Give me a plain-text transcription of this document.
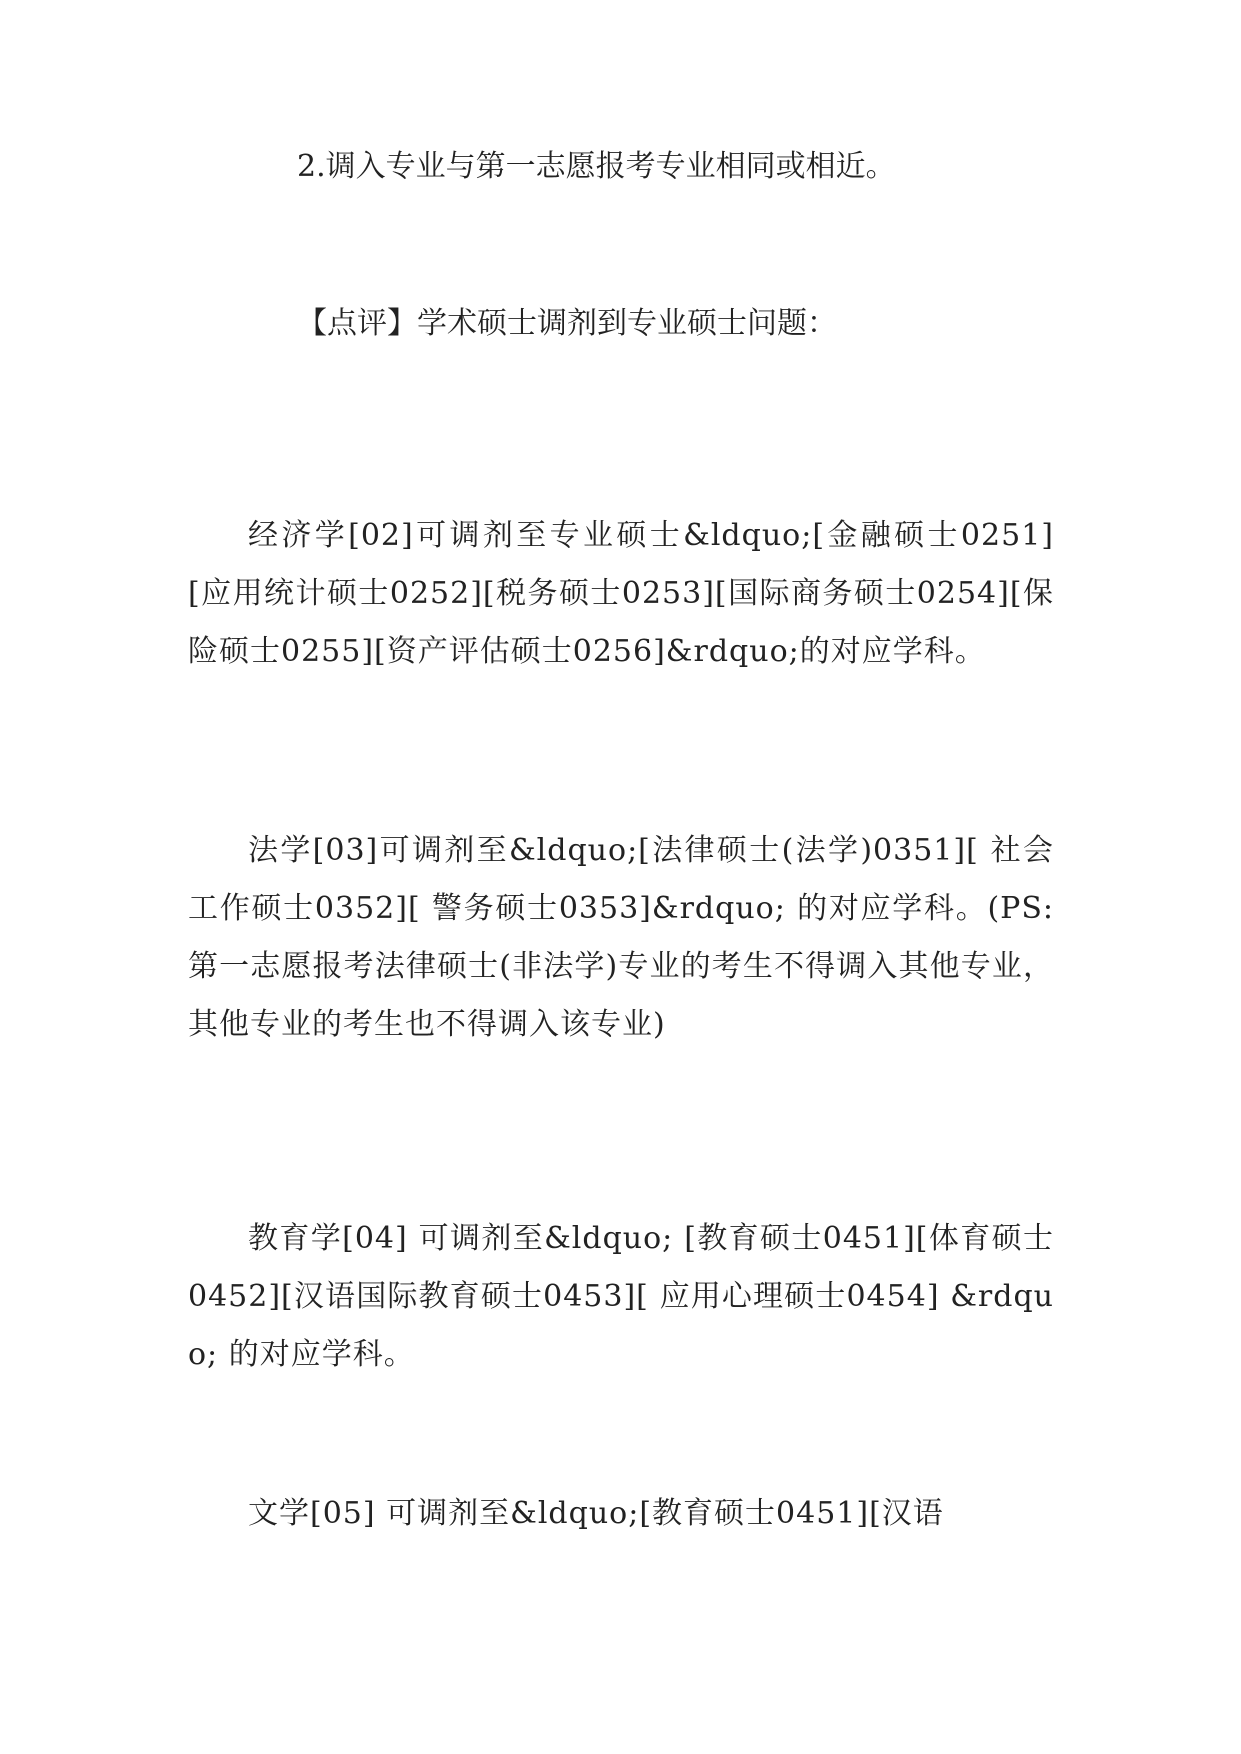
2.调入专业与第一志愿报考专业相同或相近。
【点评】学术硕士调剂到专业硕士问题：
经济学[02]可调剂至专业硕士&ldquo;[金融硕士0251][应用统计硕士0252][税务硕士0253][国际商务硕士0254][保险硕士0255][资产评估硕士0256]&rdquo;的对应学科。
法学[03]可调剂至&ldquo;[法律硕士(法学)0351][ 社会工作硕士0352][ 警务硕士0353]&rdquo; 的对应学科。(PS: 第一志愿报考法律硕士(非法学)专业的考生不得调入其他专业，其他专业的考生也不得调入该专业)
教育学[04] 可调剂至&ldquo; [教育硕士0451][体育硕士0452][汉语国际教育硕士0453][ 应用心理硕士0454] &rdquo; 的对应学科。
文学[05] 可调剂至&ldquo;[教育硕士0451][汉语
